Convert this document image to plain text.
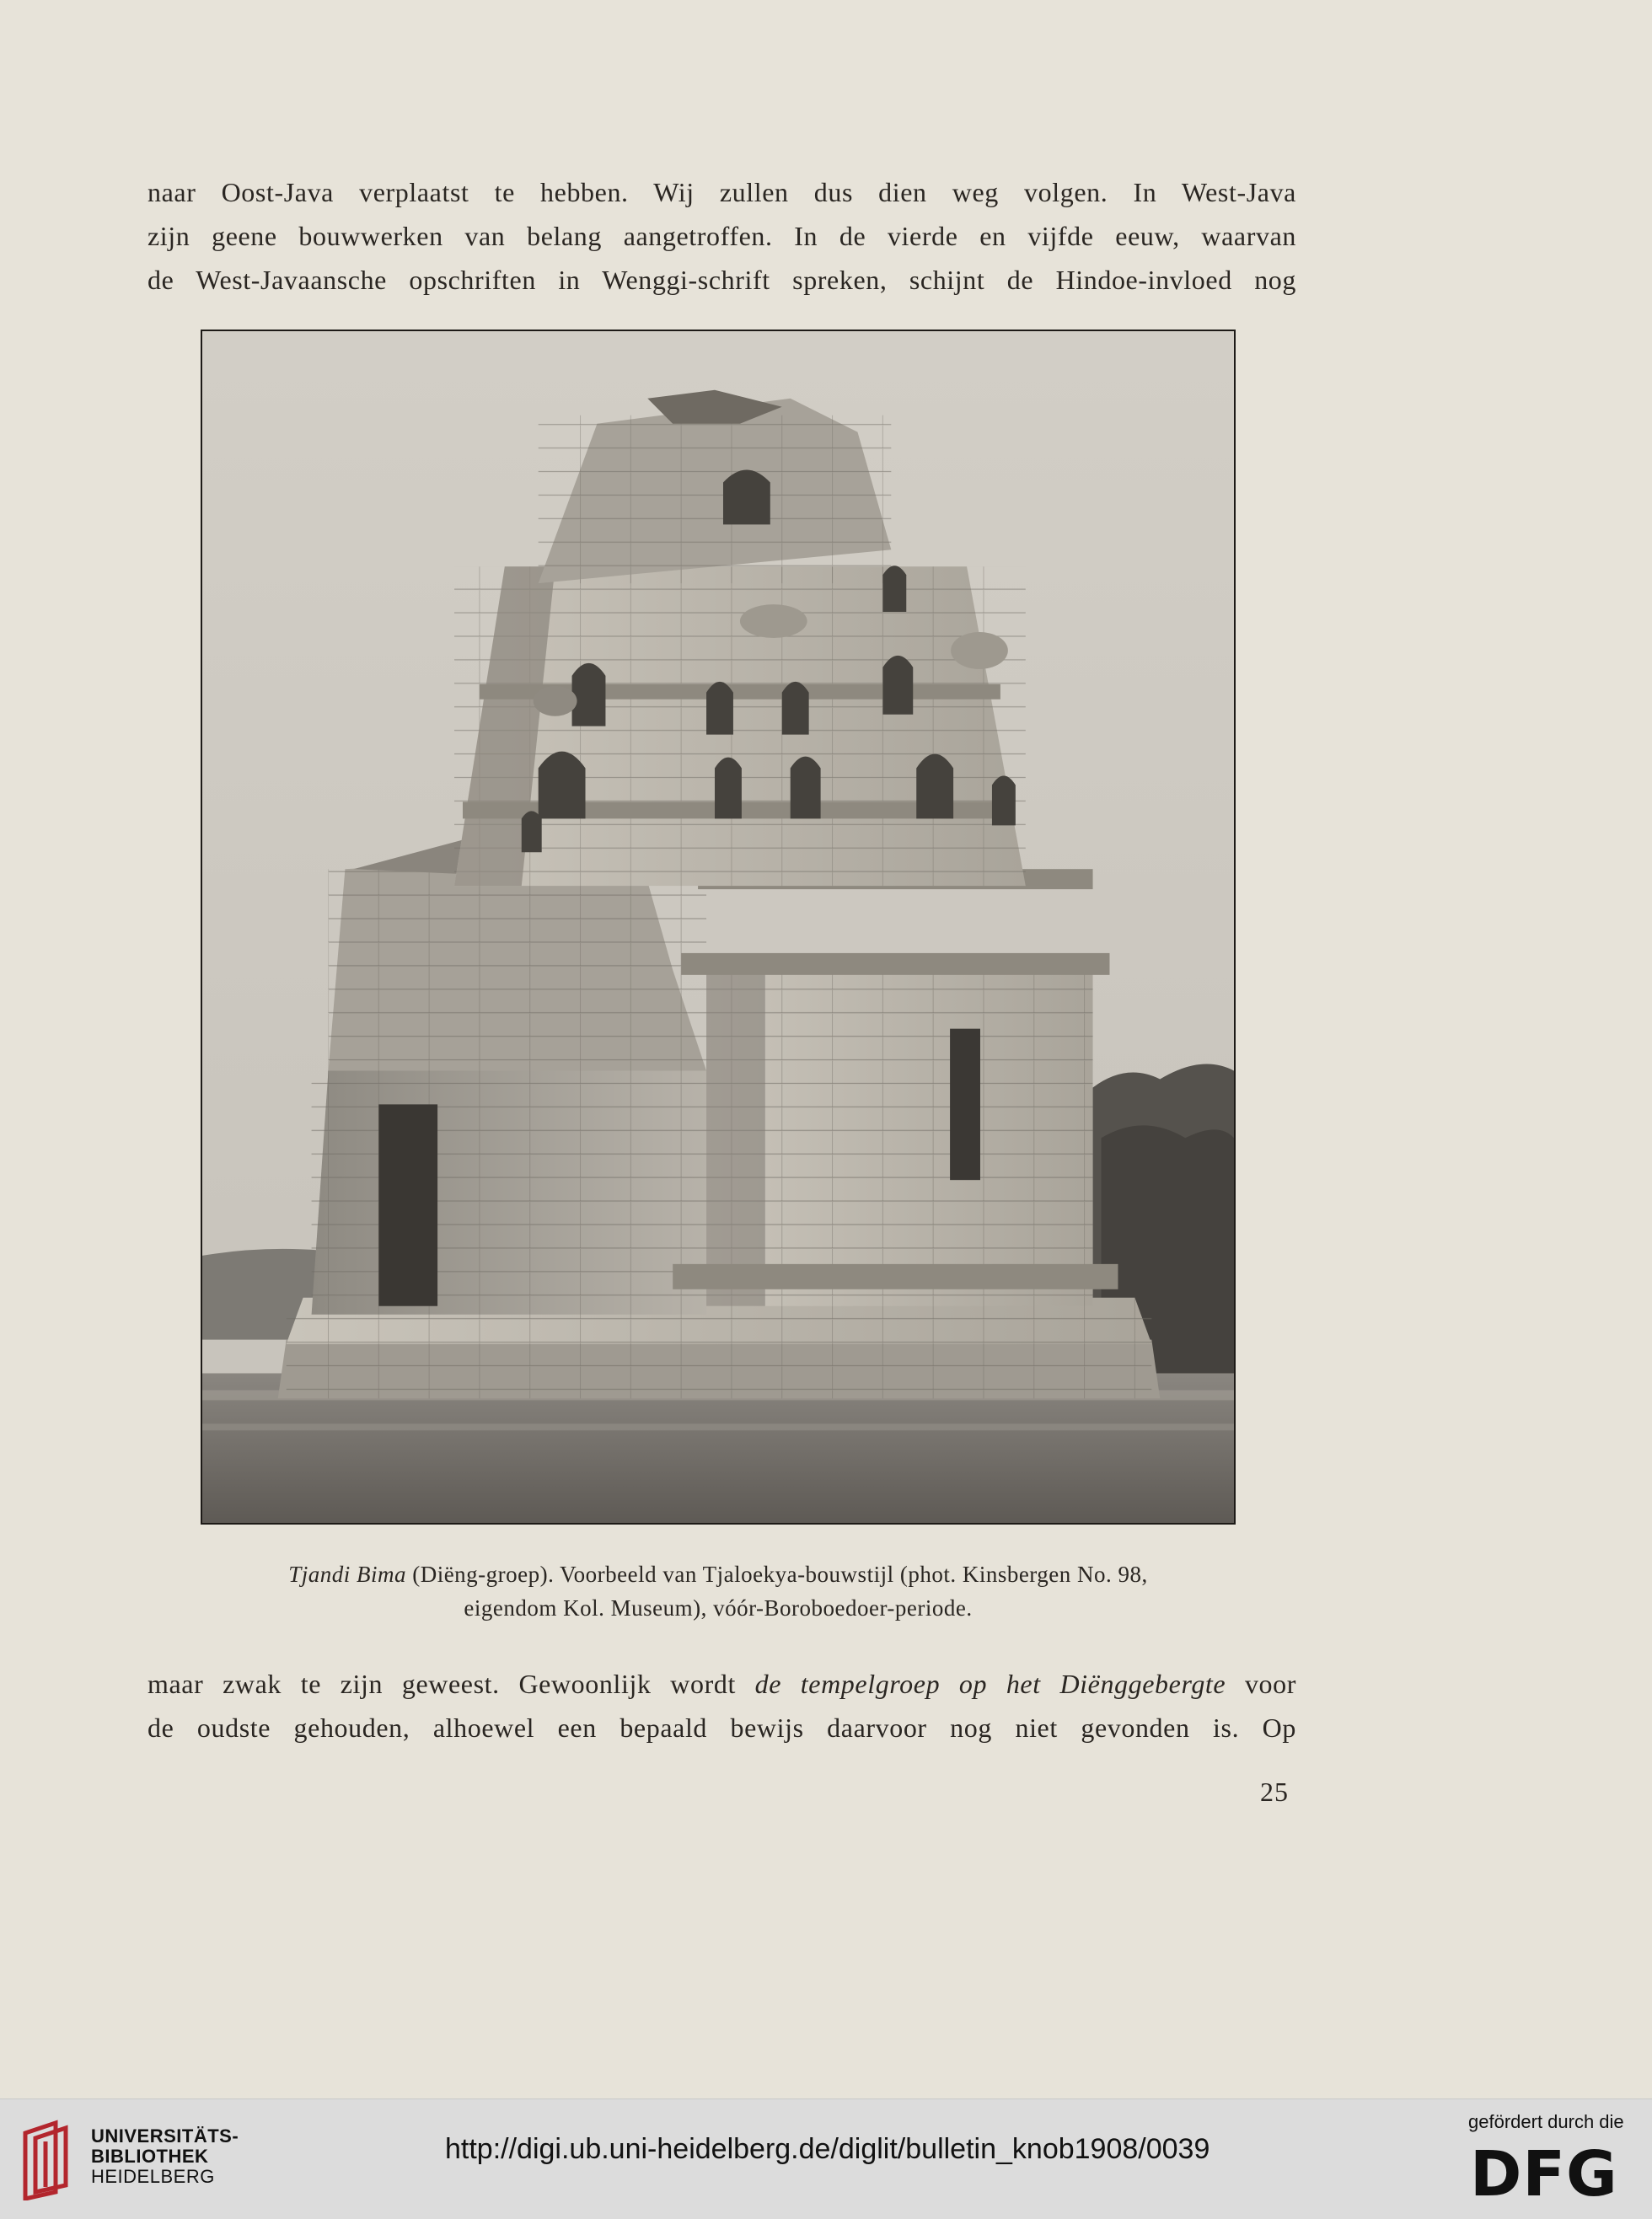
naar Oost-Java verplaatst te hebben. Wij zullen dus dien weg volgen. In West-Java
zijn geene bouwwerken van belang aangetroffen. In de vierde en vijfde eeuw, waarvan
de West-Javaansche opschriften in Wenggi-schrift spreken, schijnt de Hindoe-invloed nog
Tjandi Bima (Diëng-groep). Voorbeeld van Tjaloekya-bouwstijl (phot. Kinsbergen No. 98,
eigendom Kol. Museum), vóór-Boroboedoer-periode.
maar zwak te zijn geweest. Gewoonlijk wordt de tempelgroep op het Diënggebergte voor
de oudste gehouden, alhoewel een bepaald bewijs daarvoor nog niet gevonden is. Op
25
UNIVERSITÄTS-
BIBLIOTHEK
HEIDELBERG
http://digi.ub.uni-heidelberg.de/diglit/bulletin_knob1908/0039
gefördert durch die
DFG
